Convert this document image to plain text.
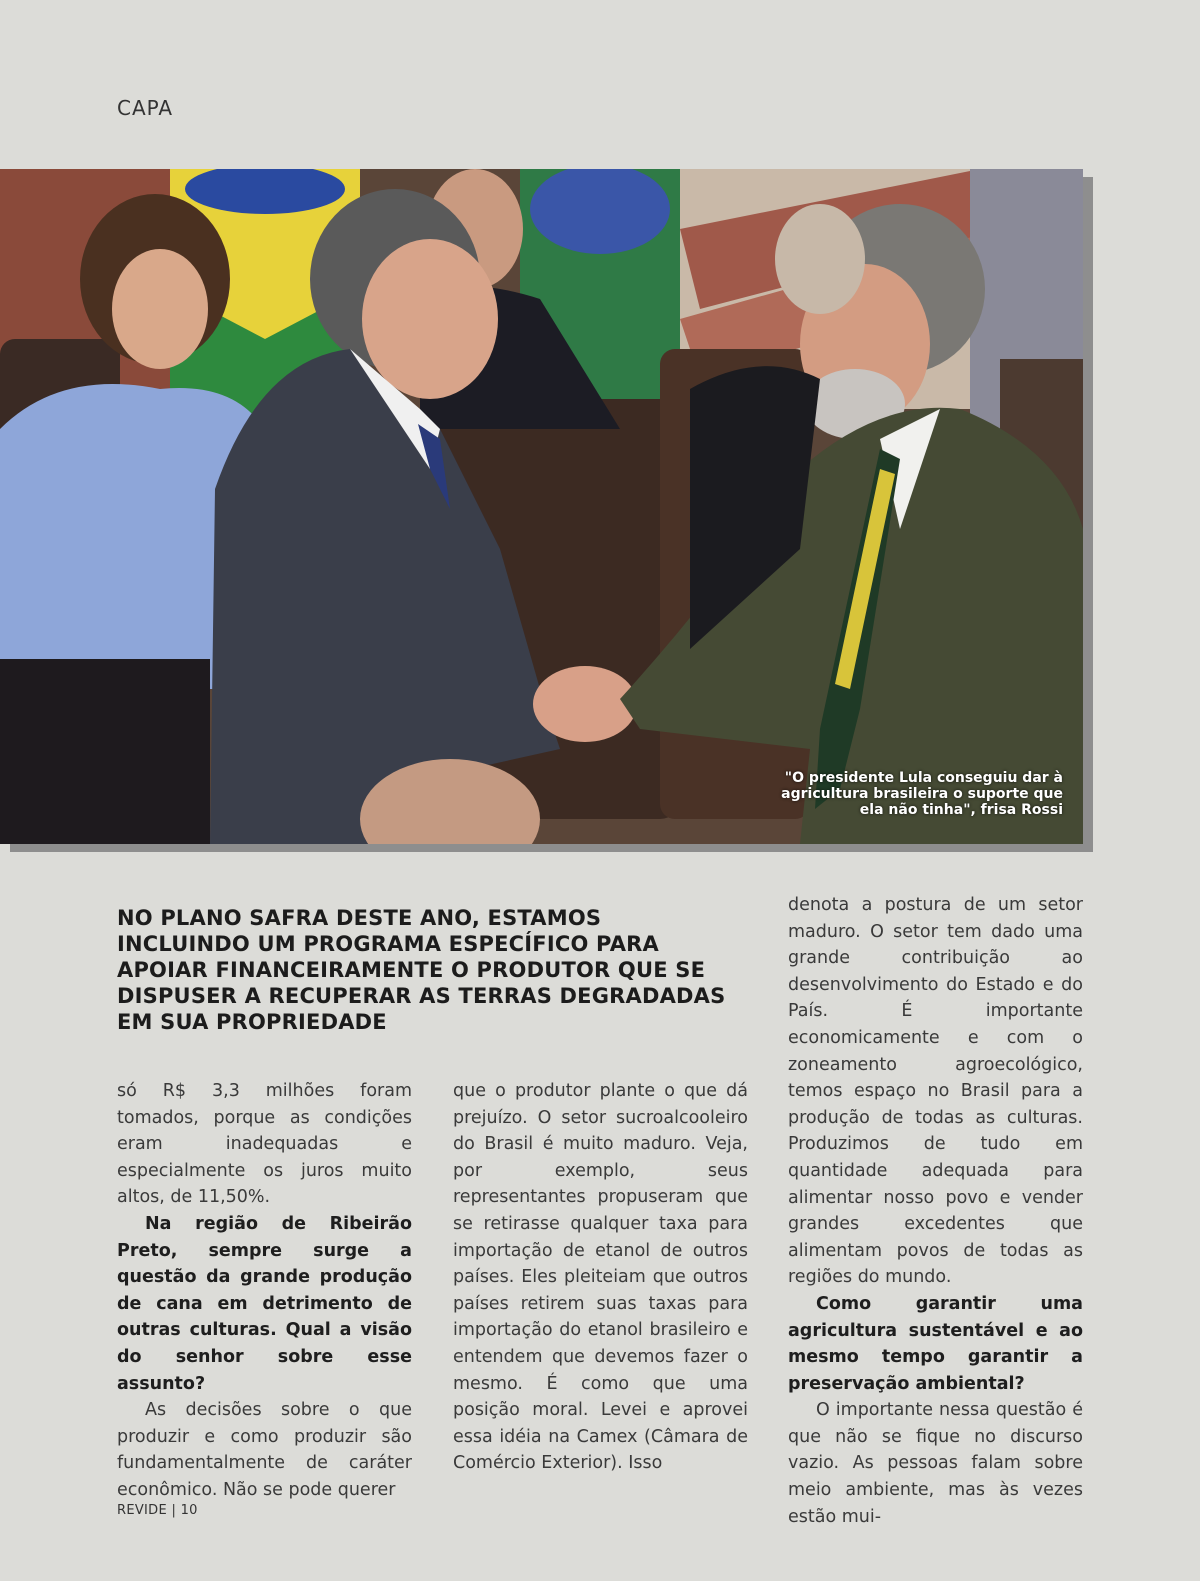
CAPA
"O presidente Lula conseguiu dar à agricultura brasileira o suporte que ela não tinha", frisa Rossi
NO PLANO SAFRA DESTE ANO, ESTAMOS INCLUINDO UM PROGRAMA ESPECÍFICO PARA APOIAR FINANCEIRAMENTE O PRODUTOR QUE SE DISPUSER A RECUPERAR AS TERRAS DEGRADADAS EM SUA PROPRIEDADE

só R$ 3,3 milhões foram tomados, porque as condições eram inadequadas e especialmente os juros muito altos, de 11,50%.

Na região de Ribeirão Preto, sempre surge a questão da grande produção de cana em detrimento de outras culturas. Qual a visão do senhor sobre esse assunto?

As decisões sobre o que produzir e como produzir são fundamentalmente de caráter econômico. Não se pode querer

que o produtor plante o que dá prejuízo. O setor sucroalcooleiro do Brasil é muito maduro. Veja, por exemplo, seus representantes propuseram que se retirasse qualquer taxa para importação de etanol de outros países. Eles pleiteiam que outros países retirem suas taxas para importação do etanol brasileiro e entendem que devemos fazer o mesmo. É como que uma posição moral. Levei e aprovei essa idéia na Camex (Câmara de Comércio Exterior). Isso

denota a postura de um setor maduro. O setor tem dado uma grande contribuição ao desenvolvimento do Estado e do País. É importante economicamente e com o zoneamento agroecológico, temos espaço no Brasil para a produção de todas as culturas. Produzimos de tudo em quantidade adequada para alimentar nosso povo e vender grandes excedentes que alimentam povos de todas as regiões do mundo.

Como garantir uma agricultura sustentável e ao mesmo tempo garantir a preservação ambiental?

O importante nessa questão é que não se fique no discurso vazio. As pessoas falam sobre meio ambiente, mas às vezes estão mui-

REVIDE | 10
